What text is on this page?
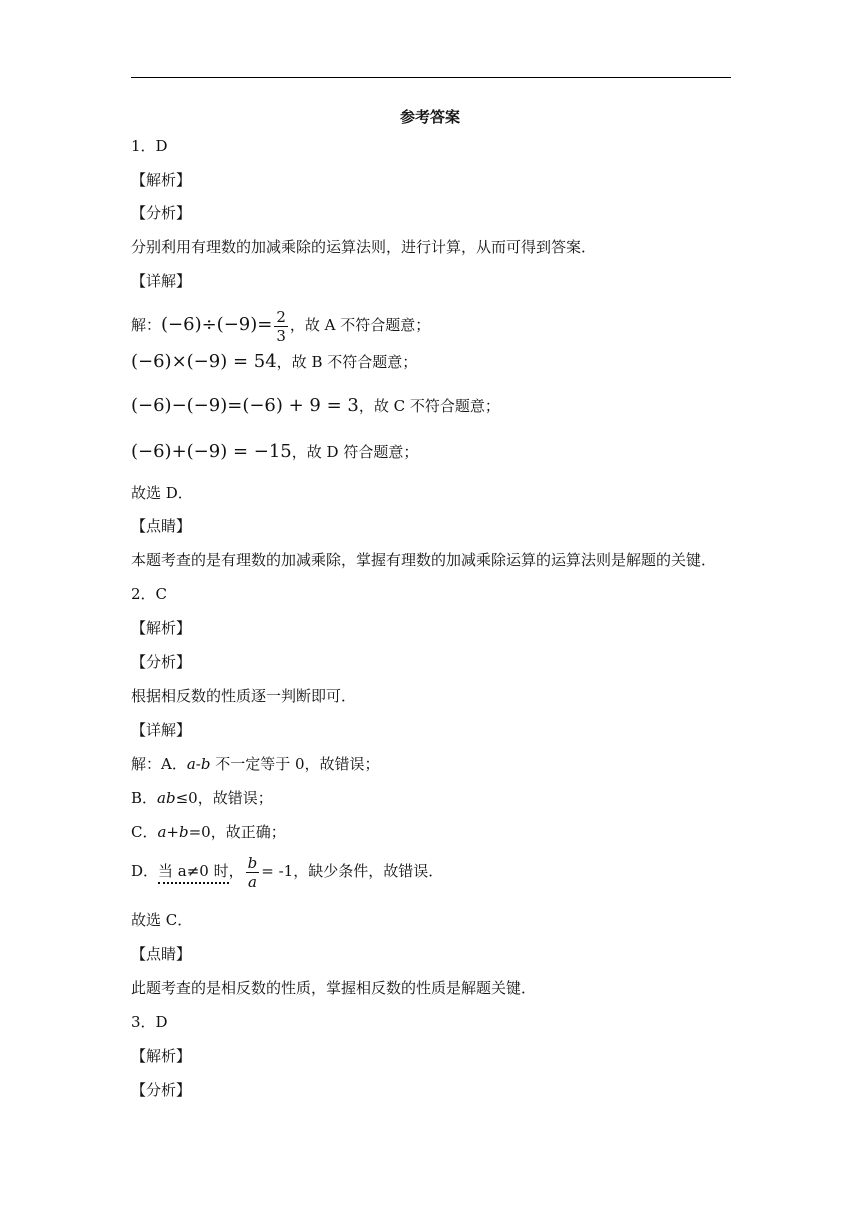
参考答案
1．D
【解析】
【分析】
分别利用有理数的加减乘除的运算法则，进行计算，从而可得到答案．
【详解】
解：$(-6)\div(-9)= \frac{2}{3}$ ，故 A 不符合题意；
(−6)×(−9) = 54，故 B 不符合题意；
(−6)−(−9)=(−6) + 9 = 3，故 C 不符合题意；
(−6)+(−9) = −15，故 D 符合题意；
故选 D．
【点睛】
本题考查的是有理数的加减乘除，掌握有理数的加减乘除运算的运算法则是解题的关键．
2．C
【解析】
【分析】
根据相反数的性质逐一判断即可．
【详解】
解：A．a-b 不一定等于 0，故错误；
B．ab≤0，故错误；
C．a+b=0，故正确；
D．当 a≠0 时， $\frac{b}{a} = -1$，缺少条件，故错误．
故选 C．
【点睛】
此题考查的是相反数的性质，掌握相反数的性质是解题关键．
3．D
【解析】
【分析】
